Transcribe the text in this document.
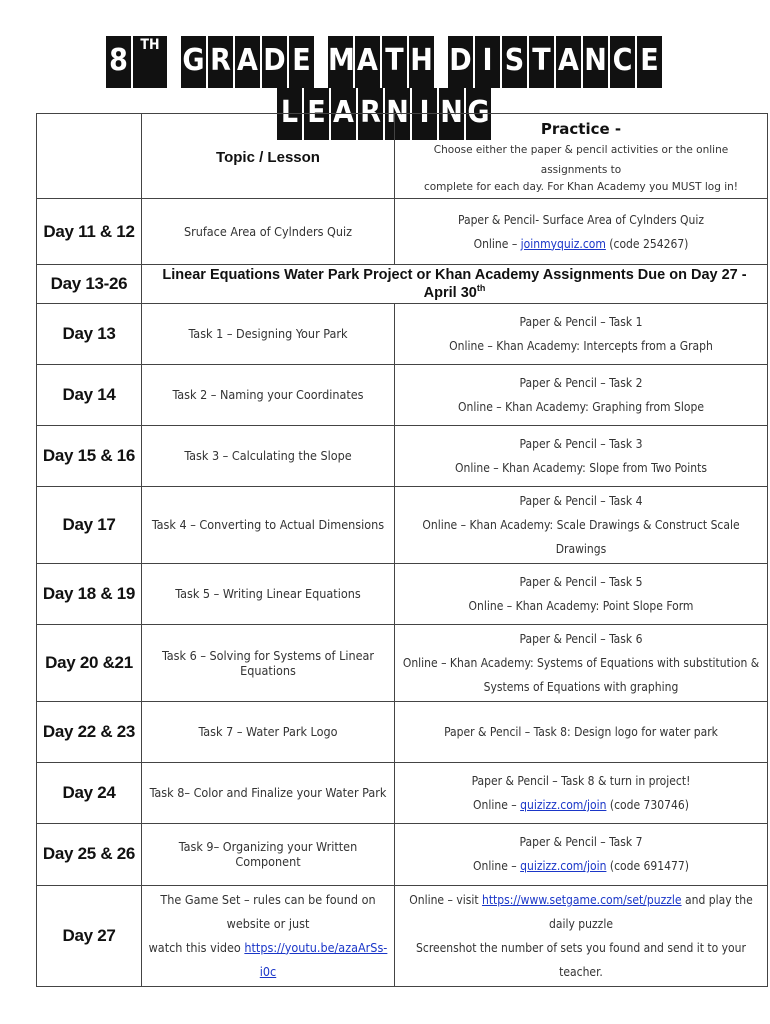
8 TH G R A D E MA T H D I S T A N C EL E A R N I N G
	Topic / Lesson	Practice -
Choose either the paper & pencil activities or the online assignments to
complete for each day. For Khan Academy you MUST log in!

Day 11 & 12	Sruface Area of Cylnders Quiz	Paper & Pencil- Surface Area of Cylnders Quiz
Online – joinmyquiz.com (code 254267)

Day 13-26	Linear Equations Water Park Project or Khan Academy Assignments Due on Day 27 - April 30th
Day 13	Task 1 – Designing Your Park	Paper & Pencil – Task 1
Online – Khan Academy: Intercepts from a Graph

Day 14	Task 2 – Naming your Coordinates	Paper & Pencil – Task 2
Online – Khan Academy: Graphing from Slope

Day 15 & 16	Task 3 – Calculating the Slope	Paper & Pencil – Task 3
Online – Khan Academy: Slope from Two Points

Day 17	Task 4 – Converting to Actual Dimensions	Paper & Pencil – Task 4
Online – Khan Academy: Scale Drawings & Construct Scale Drawings

Day 18 & 19	Task 5 – Writing Linear Equations	Paper & Pencil – Task 5
Online – Khan Academy: Point Slope Form

Day 20 &21	Task 6 – Solving for Systems of Linear Equations	Paper & Pencil – Task 6
Online – Khan Academy: Systems of Equations with substitution &
Systems of Equations with graphing

Day 22 & 23	Task 7 – Water Park Logo	Paper & Pencil – Task 8: Design logo for water park
Day 24	Task 8– Color and Finalize your Water Park	Paper & Pencil – Task 8 & turn in project!
Online – quizizz.com/join (code 730746)

Day 25 & 26	Task 9– Organizing your Written Component	Paper & Pencil – Task 7
Online – quizizz.com/join (code 691477)

Day 27	The Game Set – rules can be found on website or just
watch this video https://youtu.be/azaArSs-i0c	Online – visit https://www.setgame.com/set/puzzle and play the daily puzzle
Screenshot the number of sets you found and send it to your teacher.
